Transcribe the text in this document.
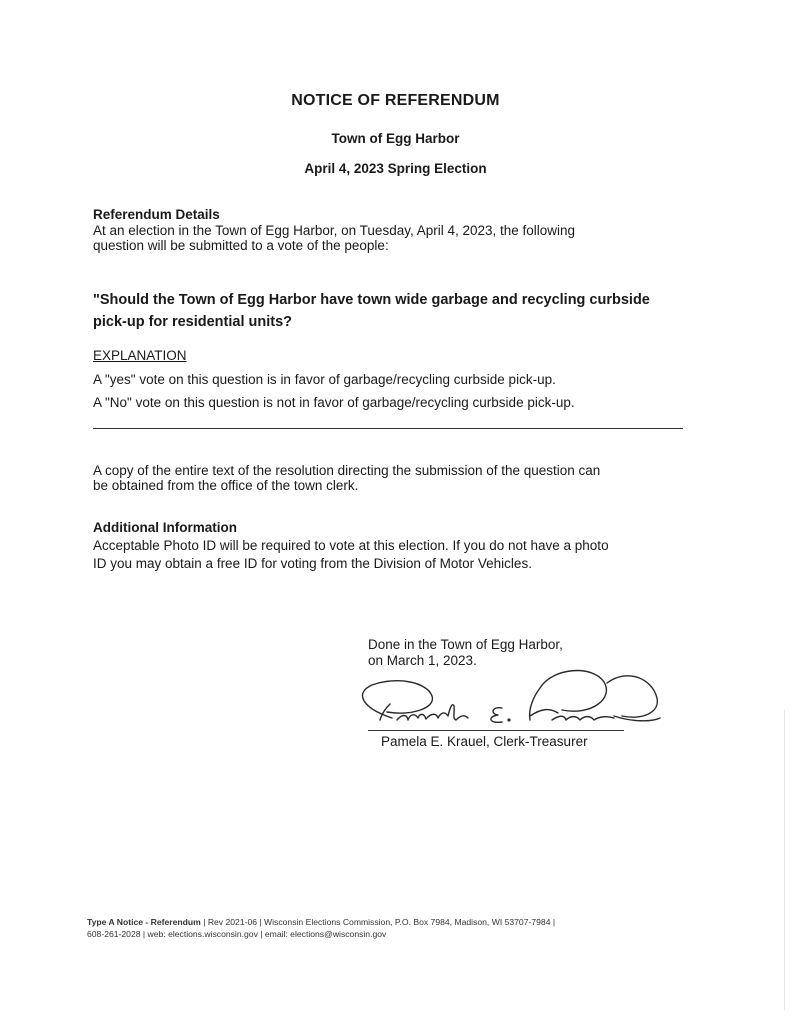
NOTICE OF REFERENDUM
Town of Egg Harbor
April 4, 2023 Spring Election
Referendum Details
At an election in the Town of Egg Harbor, on Tuesday, April 4, 2023, the following
question will be submitted to a vote of the people:
"Should the Town of Egg Harbor have town wide garbage and recycling curbside
pick-up for residential units?
EXPLANATION
A "yes" vote on this question is in favor of garbage/recycling curbside pick-up.
A "No" vote on this question is not in favor of garbage/recycling curbside pick-up.
A copy of the entire text of the resolution directing the submission of the question can
be obtained from the office of the town clerk.
Additional Information
Acceptable Photo ID will be required to vote at this election. If you do not have a photo
ID you may obtain a free ID for voting from the Division of Motor Vehicles.
Done in the Town of Egg Harbor,
on March 1, 2023.
Pamela E. Krauel, Clerk-Treasurer
Type A Notice - Referendum | Rev 2021-06 | Wisconsin Elections Commission, P.O. Box 7984, Madison, WI 53707-7984 |
608-261-2028 | web: elections.wisconsin.gov | email: elections@wisconsin.gov
